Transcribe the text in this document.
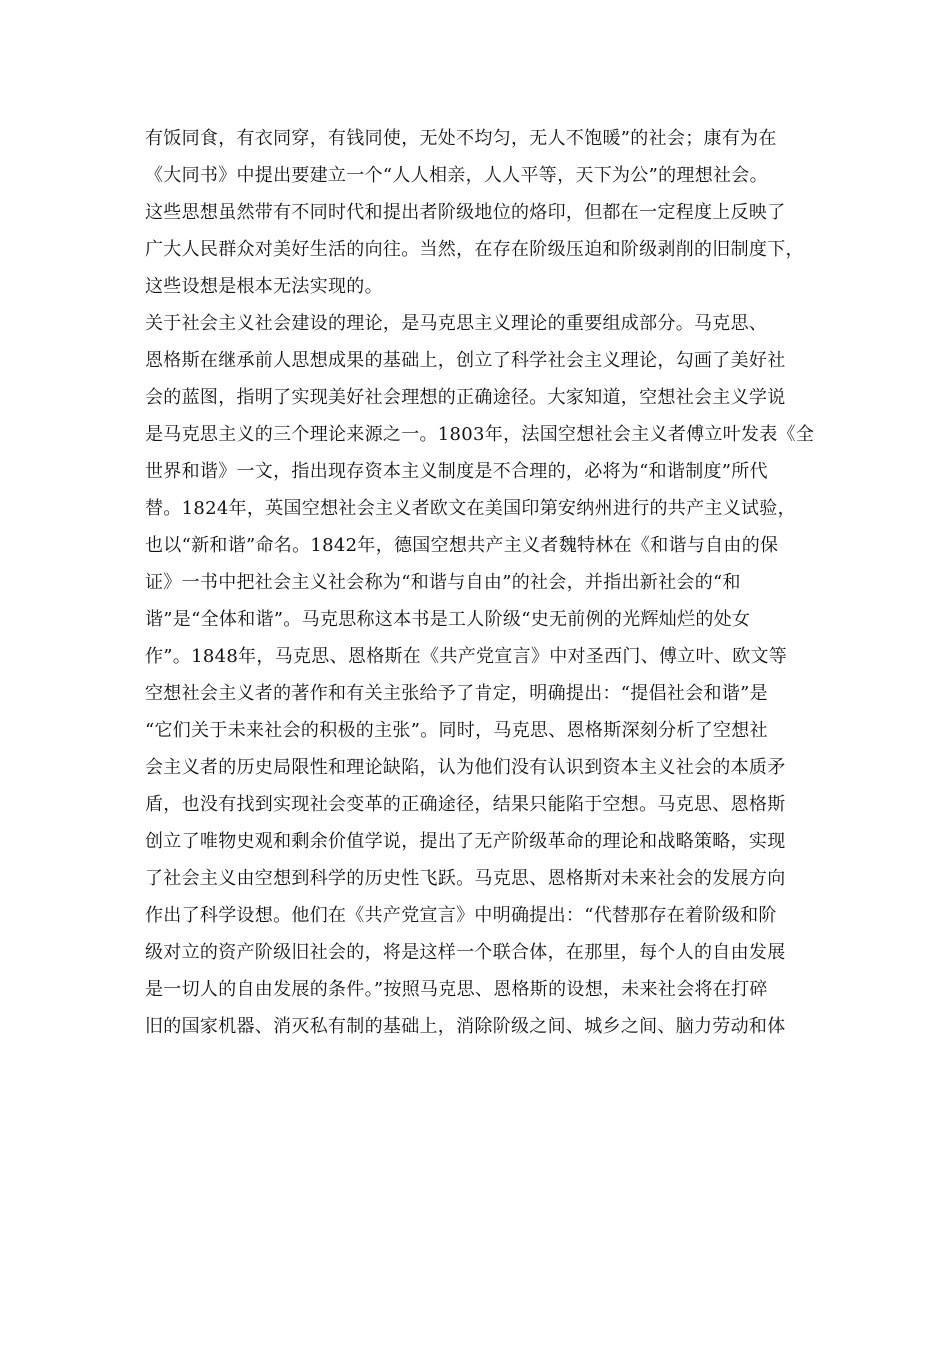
有饭同食，有衣同穿，有钱同使，无处不均匀，无人不饱暖”的社会；康有为在
《大同书》中提出要建立一个“人人相亲，人人平等，天下为公”的理想社会。
这些思想虽然带有不同时代和提出者阶级地位的烙印，但都在一定程度上反映了
广大人民群众对美好生活的向往。当然，在存在阶级压迫和阶级剥削的旧制度下，
这些设想是根本无法实现的。
关于社会主义社会建设的理论，是马克思主义理论的重要组成部分。马克思、
恩格斯在继承前人思想成果的基础上，创立了科学社会主义理论，勾画了美好社
会的蓝图，指明了实现美好社会理想的正确途径。大家知道，空想社会主义学说
是马克思主义的三个理论来源之一。1803年，法国空想社会主义者傅立叶发表《全
世界和谐》一文，指出现存资本主义制度是不合理的，必将为“和谐制度”所代
替。1824年，英国空想社会主义者欧文在美国印第安纳州进行的共产主义试验，
也以“新和谐”命名。1842年，德国空想共产主义者魏特林在《和谐与自由的保
证》一书中把社会主义社会称为“和谐与自由”的社会，并指出新社会的“和
谐”是“全体和谐”。马克思称这本书是工人阶级“史无前例的光辉灿烂的处女
作”。1848年，马克思、恩格斯在《共产党宣言》中对圣西门、傅立叶、欧文等
空想社会主义者的著作和有关主张给予了肯定，明确提出：“提倡社会和谐”是
“它们关于未来社会的积极的主张”。同时，马克思、恩格斯深刻分析了空想社
会主义者的历史局限性和理论缺陷，认为他们没有认识到资本主义社会的本质矛
盾，也没有找到实现社会变革的正确途径，结果只能陷于空想。马克思、恩格斯
创立了唯物史观和剩余价值学说，提出了无产阶级革命的理论和战略策略，实现
了社会主义由空想到科学的历史性飞跃。马克思、恩格斯对未来社会的发展方向
作出了科学设想。他们在《共产党宣言》中明确提出：“代替那存在着阶级和阶
级对立的资产阶级旧社会的，将是这样一个联合体，在那里，每个人的自由发展
是一切人的自由发展的条件。”按照马克思、恩格斯的设想，未来社会将在打碎
旧的国家机器、消灭私有制的基础上，消除阶级之间、城乡之间、脑力劳动和体
